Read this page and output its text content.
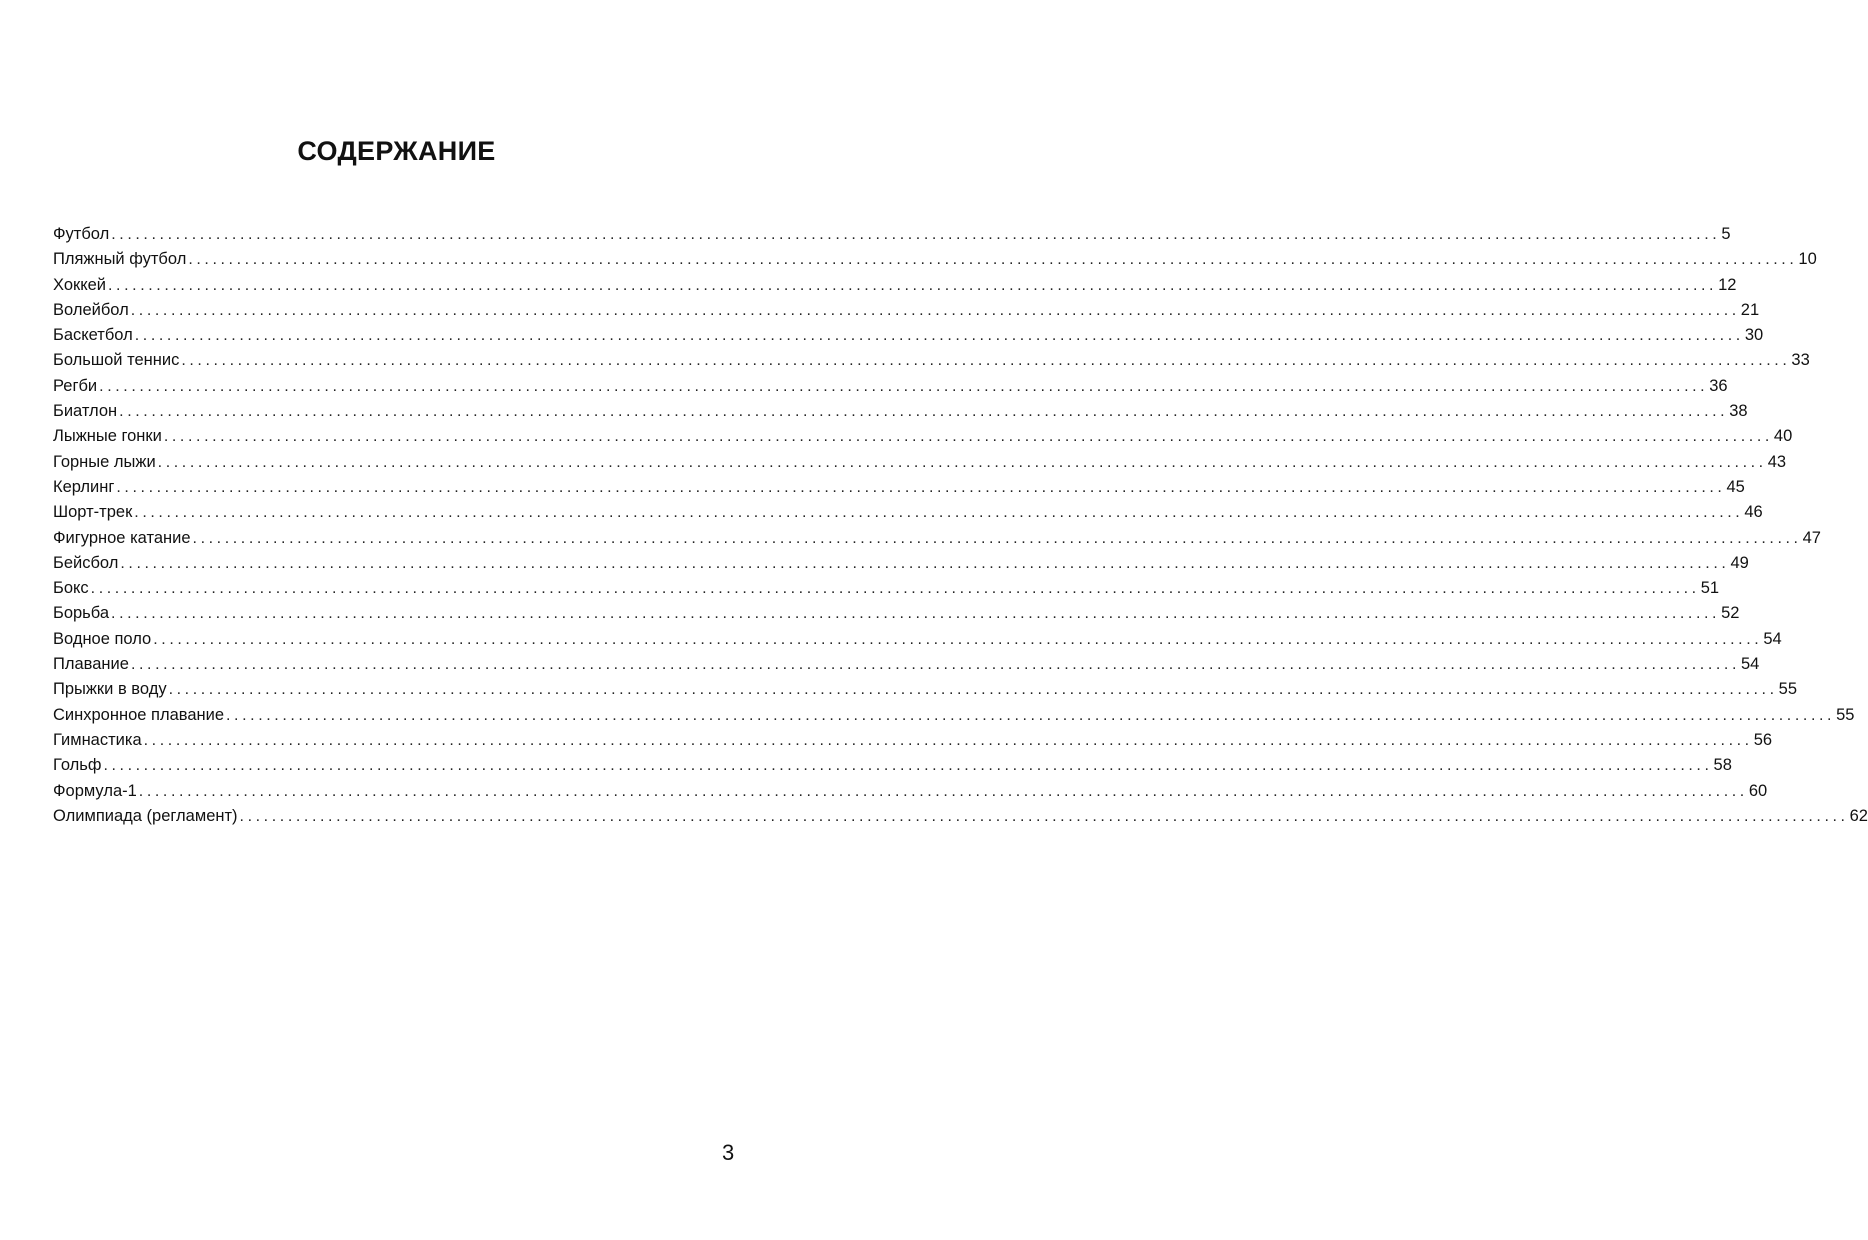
СОДЕРЖАНИЕ
Футбол ........................................................................................................................................................................................................ 5
Пляжный футбол ........................................................................................................................................................................................................ 10
Хоккей ........................................................................................................................................................................................................ 12
Волейбол ........................................................................................................................................................................................................ 21
Баскетбол ........................................................................................................................................................................................................ 30
Большой теннис ........................................................................................................................................................................................................ 33
Регби ........................................................................................................................................................................................................ 36
Биатлон ........................................................................................................................................................................................................ 38
Лыжные гонки ........................................................................................................................................................................................................ 40
Горные лыжи ........................................................................................................................................................................................................ 43
Керлинг ........................................................................................................................................................................................................ 45
Шорт-трек ........................................................................................................................................................................................................ 46
Фигурное катание ........................................................................................................................................................................................................ 47
Бейсбол ........................................................................................................................................................................................................ 49
Бокс ........................................................................................................................................................................................................ 51
Борьба ........................................................................................................................................................................................................ 52
Водное поло ........................................................................................................................................................................................................ 54
Плавание ........................................................................................................................................................................................................ 54
Прыжки в воду ........................................................................................................................................................................................................ 55
Синхронное плавание ........................................................................................................................................................................................................ 55
Гимнастика ........................................................................................................................................................................................................ 56
Гольф ........................................................................................................................................................................................................ 58
Формула-1 ........................................................................................................................................................................................................ 60
Олимпиада (регламент) ........................................................................................................................................................................................................ 62
3
